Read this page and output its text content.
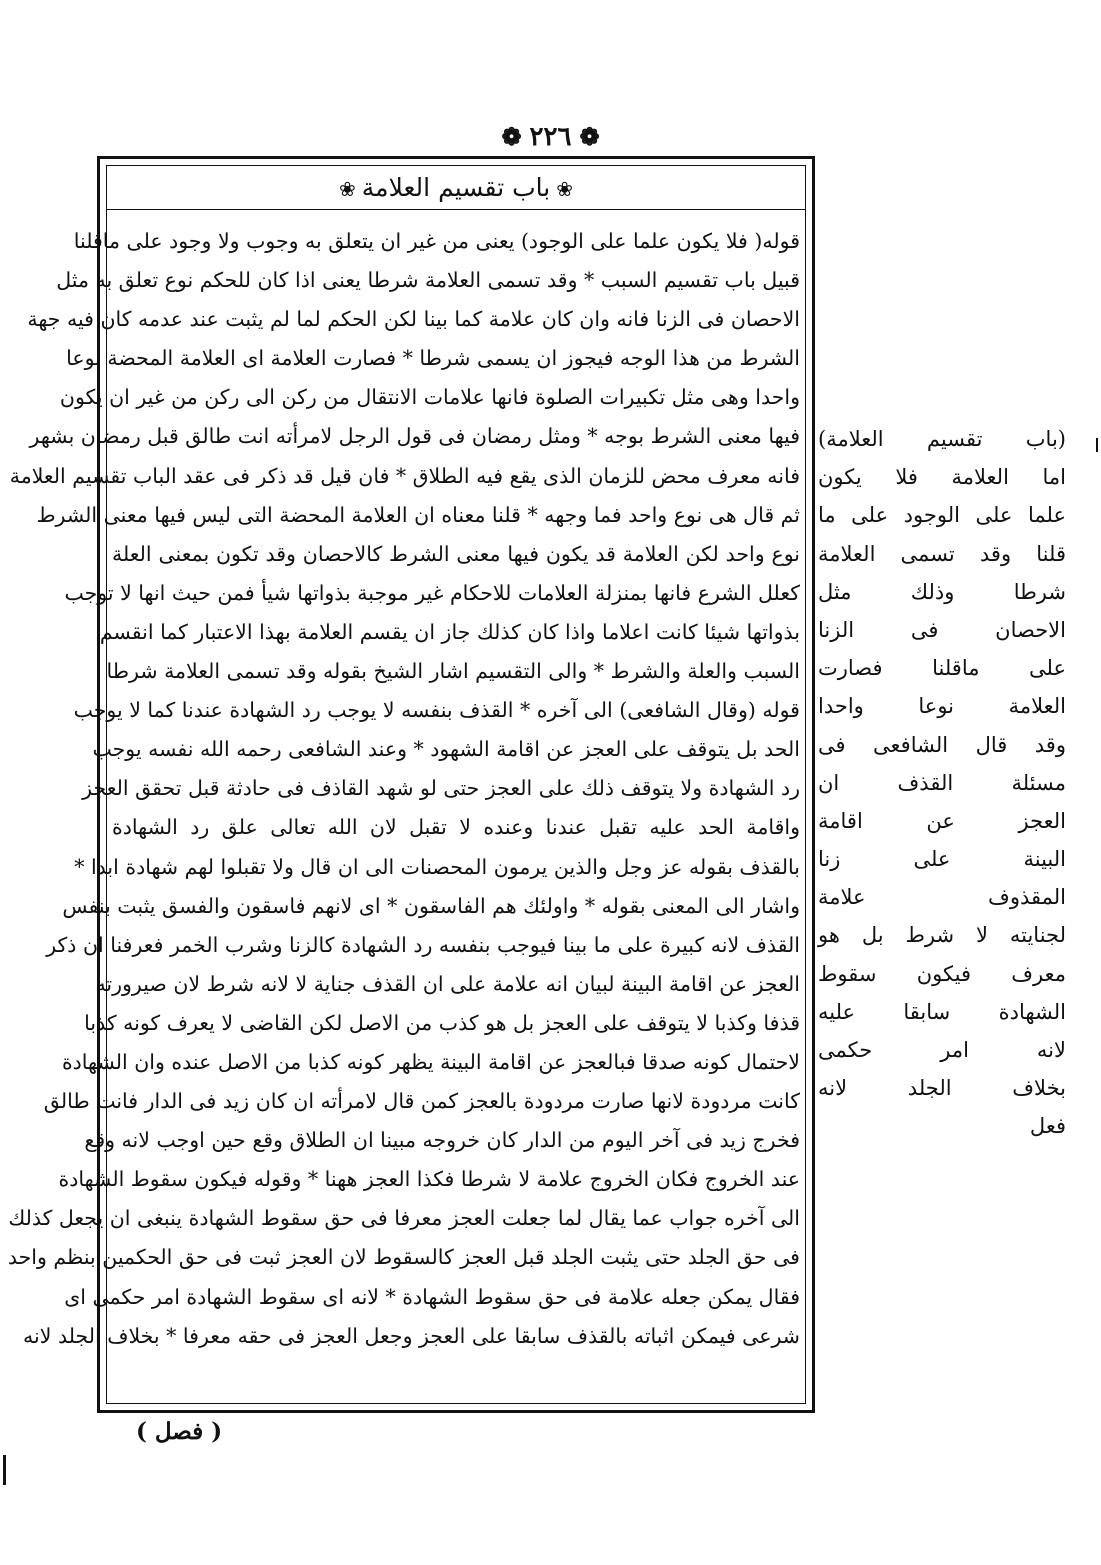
❁٢٢٦❁
❀باب تقسيم العلامة❀
قوله( فلا يكون علما على الوجود) يعنى من غير ان يتعلق به وجوب ولا وجود على ماقلنا
قبيل باب تقسيم السبب * وقد تسمى العلامة شرطا يعنى اذا كان للحكم نوع تعلق به مثل
الاحصان فى الزنا فانه وان كان علامة كما بينا لكن الحكم لما لم يثبت عند عدمه كان فيه جهة
الشرط من هذا الوجه فيجوز ان يسمى شرطا * فصارت العلامة اى العلامة المحضة نوعا
واحدا وهى مثل تكبيرات الصلوة فانها علامات الانتقال من ركن الى ركن من غير ان يكون
فيها معنى الشرط بوجه * ومثل رمضان فى قول الرجل لامرأته انت طالق قبل رمضان بشهر
فانه معرف محض للزمان الذى يقع فيه الطلاق * فان قيل قد ذكر فى عقد الباب تقسيم العلامة
ثم قال هى نوع واحد فما وجهه * قلنا معناه ان العلامة المحضة التى ليس فيها معنى الشرط
نوع واحد لكن العلامة قد يكون فيها معنى الشرط كالاحصان وقد تكون بمعنى العلة
كعلل الشرع فانها بمنزلة العلامات للاحكام غير موجبة بذواتها شيأ فمن حيث انها لا توجب
بذواتها شيئا كانت اعلاما واذا كان كذلك جاز ان يقسم العلامة بهذا الاعتبار كما انقسم
السبب والعلة والشرط * والى التقسيم اشار الشيخ بقوله وقد تسمى العلامة شرطا
قوله (وقال الشافعى) الى آخره * القذف بنفسه لا يوجب رد الشهادة عندنا كما لا يوجب
الحد بل يتوقف على العجز عن اقامة الشهود * وعند الشافعى رحمه الله نفسه يوجب
رد الشهادة ولا يتوقف ذلك على العجز حتى لو شهد القاذف فى حادثة قبل تحقق العجز
واقامة الحد عليه تقبل عندنا وعنده لا تقبل لان الله تعالى علق رد الشهادة
بالقذف بقوله عز وجل والذين يرمون المحصنات الى ان قال ولا تقبلوا لهم شهادة ابدا *
واشار الى المعنى بقوله * واولئك هم الفاسقون * اى لانهم فاسقون والفسق يثبت بنفس
القذف لانه كبيرة على ما بينا فيوجب بنفسه رد الشهادة كالزنا وشرب الخمر فعرفنا ان ذكر
العجز عن اقامة البينة لبيان انه علامة على ان القذف جناية لا لانه شرط لان صيرورته
قذفا وكذبا لا يتوقف على العجز بل هو كذب من الاصل لكن القاضى لا يعرف كونه كذبا
لاحتمال كونه صدقا فبالعجز عن اقامة البينة يظهر كونه كذبا من الاصل عنده وان الشهادة
كانت مردودة لانها صارت مردودة بالعجز كمن قال لامرأته ان كان زيد فى الدار فانت طالق
فخرج زيد فى آخر اليوم من الدار كان خروجه مبينا ان الطلاق وقع حين اوجب لانه وقع
عند الخروج فكان الخروج علامة لا شرطا فكذا العجز ههنا * وقوله فيكون سقوط الشهادة
الى آخره جواب عما يقال لما جعلت العجز معرفا فى حق سقوط الشهادة ينبغى ان يجعل كذلك
فى حق الجلد حتى يثبت الجلد قبل العجز كالسقوط لان العجز ثبت فى حق الحكمين بنظم واحد
فقال يمكن جعله علامة فى حق سقوط الشهادة * لانه اى سقوط الشهادة امر حكمى اى
شرعى فيمكن اثباته بالقذف سابقا على العجز وجعل العجز فى حقه معرفا * بخلاف الجلد لانه
(باب تقسيم العلامة)
اما العلامة فلا يكون
علما على الوجود على ما
قلنا وقد تسمى العلامة
شرطا وذلك مثل
الاحصان فى الزنا
على ماقلنا فصارت
العلامة نوعا واحدا
وقد قال الشافعى فى
مسئلة القذف ان
العجز عن اقامة
البينة على زنا
المقذوف علامة
لجنايته لا شرط بل هو
معرف فيكون سقوط
الشهادة سابقا عليه
لانه امر حكمى
بخلاف الجلد لانه
فعل
( فصل )
